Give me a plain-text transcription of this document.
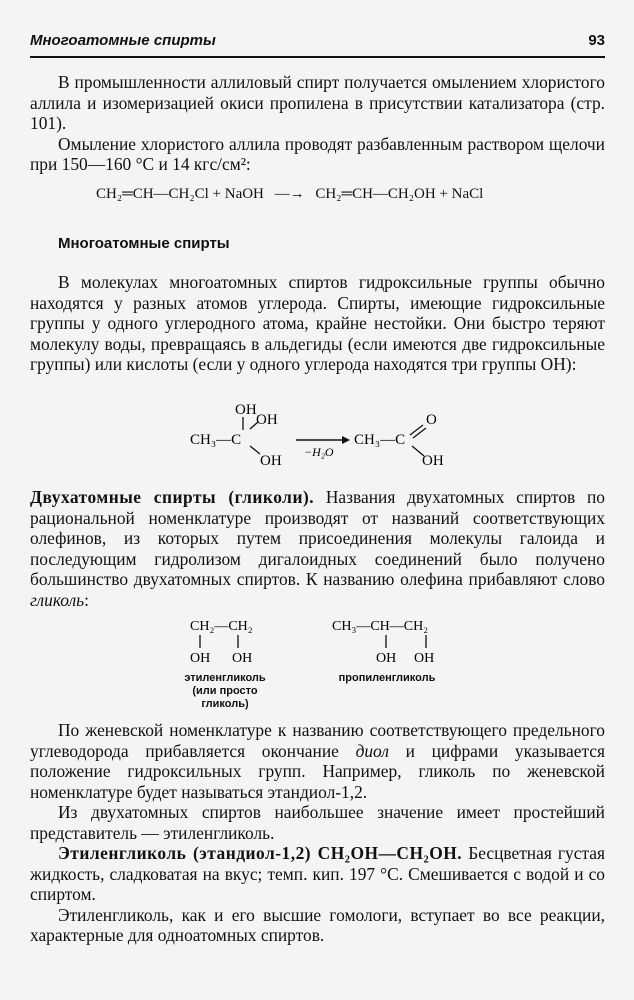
Многоатомные спирты	93

В промышленности аллиловый спирт получается омылением хлористого аллила и изомеризацией окиси пропилена в присутствии катализатора (стр. 101).

Омыление хлористого аллила проводят разбавленным раствором щелочи при 150—160 °С и 14 кгс/см²:

CH₂═CH—CH₂Cl + NaOH —→ CH₂═CH—CH₂OH + NaCl
Многоатомные спирты

В молекулах многоатомных спиртов гидроксильные группы обычно находятся у разных атомов углерода. Спирты, имеющие гидроксильные группы у одного углеродного атома, крайне нестойки. Они быстро теряют молекулу воды, превращаясь в альдегиды (если имеются две гидроксильные группы) или кислоты (если у одного углерода находятся три группы OH):

OH
OH
CH₃—C
OH
−H₂O
CH₃—C
O
OH

Двухатомные спирты (гликоли). Названия двухатомных спиртов по рациональной номенклатуре производят от названий соответствующих олефинов, из которых путем присоединения молекулы галоида и последующим гидролизом дигалоидных соединений было получено большинство двухатомных спиртов. К названию олефина прибавляют слово гликоль:

CH₂—CH₂
OH OH
CH₃—CH—CH₂
OH OH
этиленгликоль
(или просто
гликоль)
пропиленгликоль

По женевской номенклатуре к названию соответствующего предельного углеводорода прибавляется окончание диол и цифрами указывается положение гидроксильных групп. Например, гликоль по женевской номенклатуре будет называться этандиол-1,2.

Из двухатомных спиртов наибольшее значение имеет простейший представитель — этиленгликоль.

Этиленгликоль (этандиол-1,2) CH₂OH—CH₂OH. Бесцветная густая жидкость, сладковатая на вкус; темп. кип. 197 °С. Смешивается с водой и со спиртом.

Этиленгликоль, как и его высшие гомологи, вступает во все реакции, характерные для одноатомных спиртов.
